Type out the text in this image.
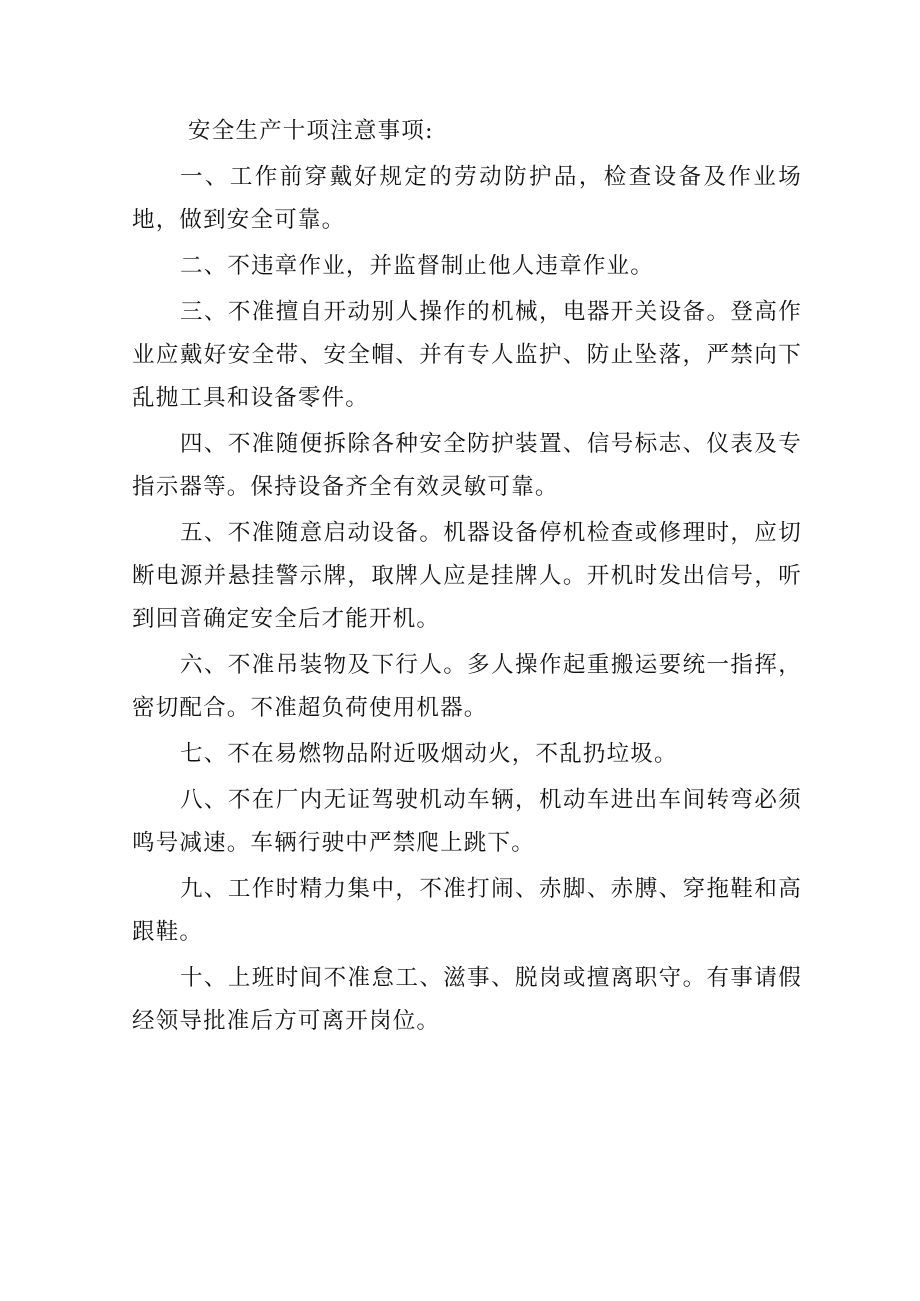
安全生产十项注意事项:

一、工作前穿戴好规定的劳动防护品，检查设备及作业场地，做到安全可靠。

二、不违章作业，并监督制止他人违章作业。

三、不准擅自开动别人操作的机械，电器开关设备。登高作业应戴好安全带、安全帽、并有专人监护、防止坠落，严禁向下乱抛工具和设备零件。

四、不准随便拆除各种安全防护装置、信号标志、仪表及专指示器等。保持设备齐全有效灵敏可靠。

五、不准随意启动设备。机器设备停机检查或修理时，应切断电源并悬挂警示牌，取牌人应是挂牌人。开机时发出信号，听到回音确定安全后才能开机。

六、不准吊装物及下行人。多人操作起重搬运要统一指挥，密切配合。不准超负荷使用机器。

七、不在易燃物品附近吸烟动火，不乱扔垃圾。

八、不在厂内无证驾驶机动车辆，机动车进出车间转弯必须鸣号减速。车辆行驶中严禁爬上跳下。

九、工作时精力集中，不准打闹、赤脚、赤膊、穿拖鞋和高跟鞋。

十、上班时间不准怠工、滋事、脱岗或擅离职守。有事请假经领导批准后方可离开岗位。
